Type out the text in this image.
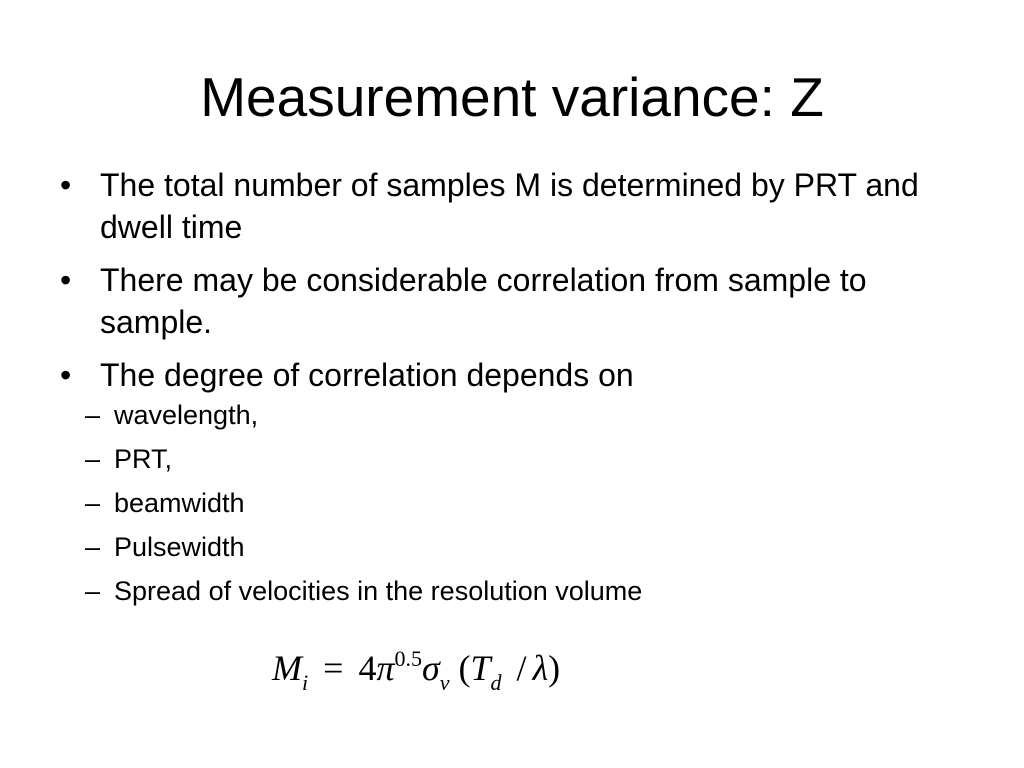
Measurement variance: Z
• The total number of samples M is determined by PRT and dwell time
• There may be considerable correlation from sample to sample.
• The degree of correlation depends on
– wavelength,
– PRT,
– beamwidth
– Pulsewidth
– Spread of velocities in the resolution volume
$M_i = 4\pi^{0.5}\sigma_v$ $(T_d / \lambda)$
